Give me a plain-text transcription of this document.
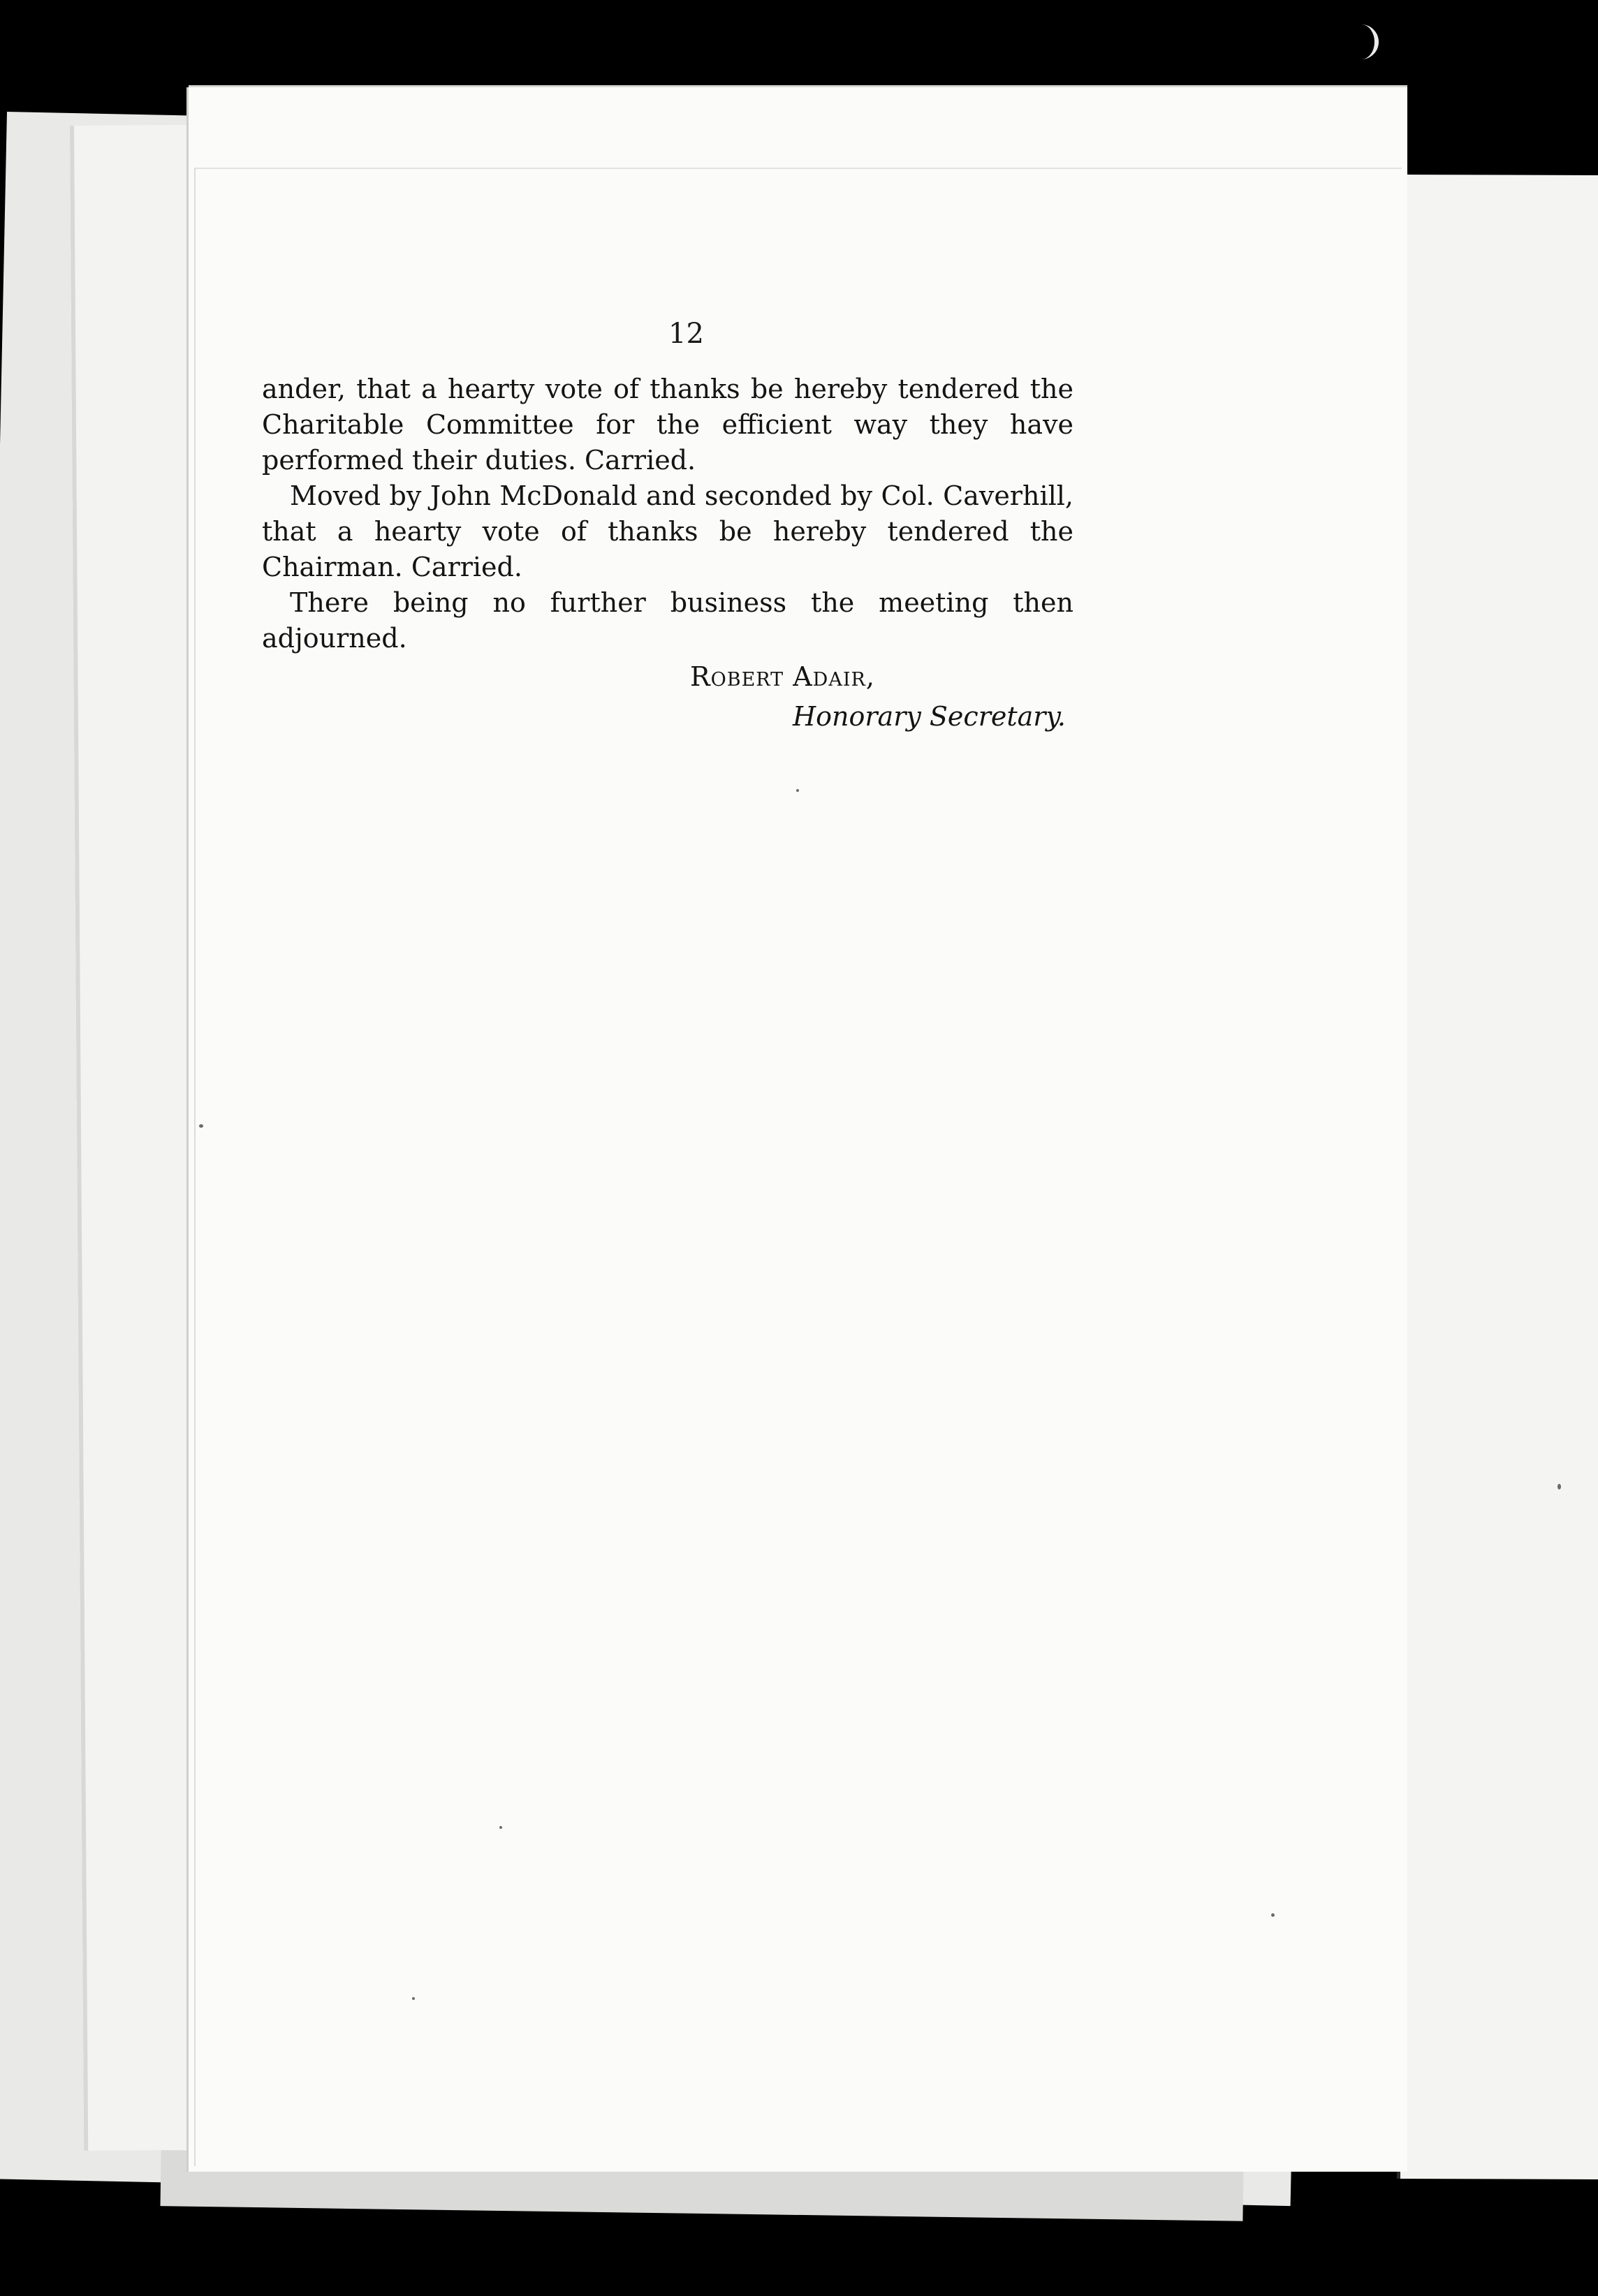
12

ander, that a hearty vote of thanks be hereby tendered the Charitable Committee for the efficient way they have performed their duties. Carried.

Moved by John McDonald and seconded by Col. Caverhill, that a hearty vote of thanks be hereby tendered the Chairman. Carried.

There being no further business the meeting then adjourned.

Robert Adair,

Honorary Secretary.
